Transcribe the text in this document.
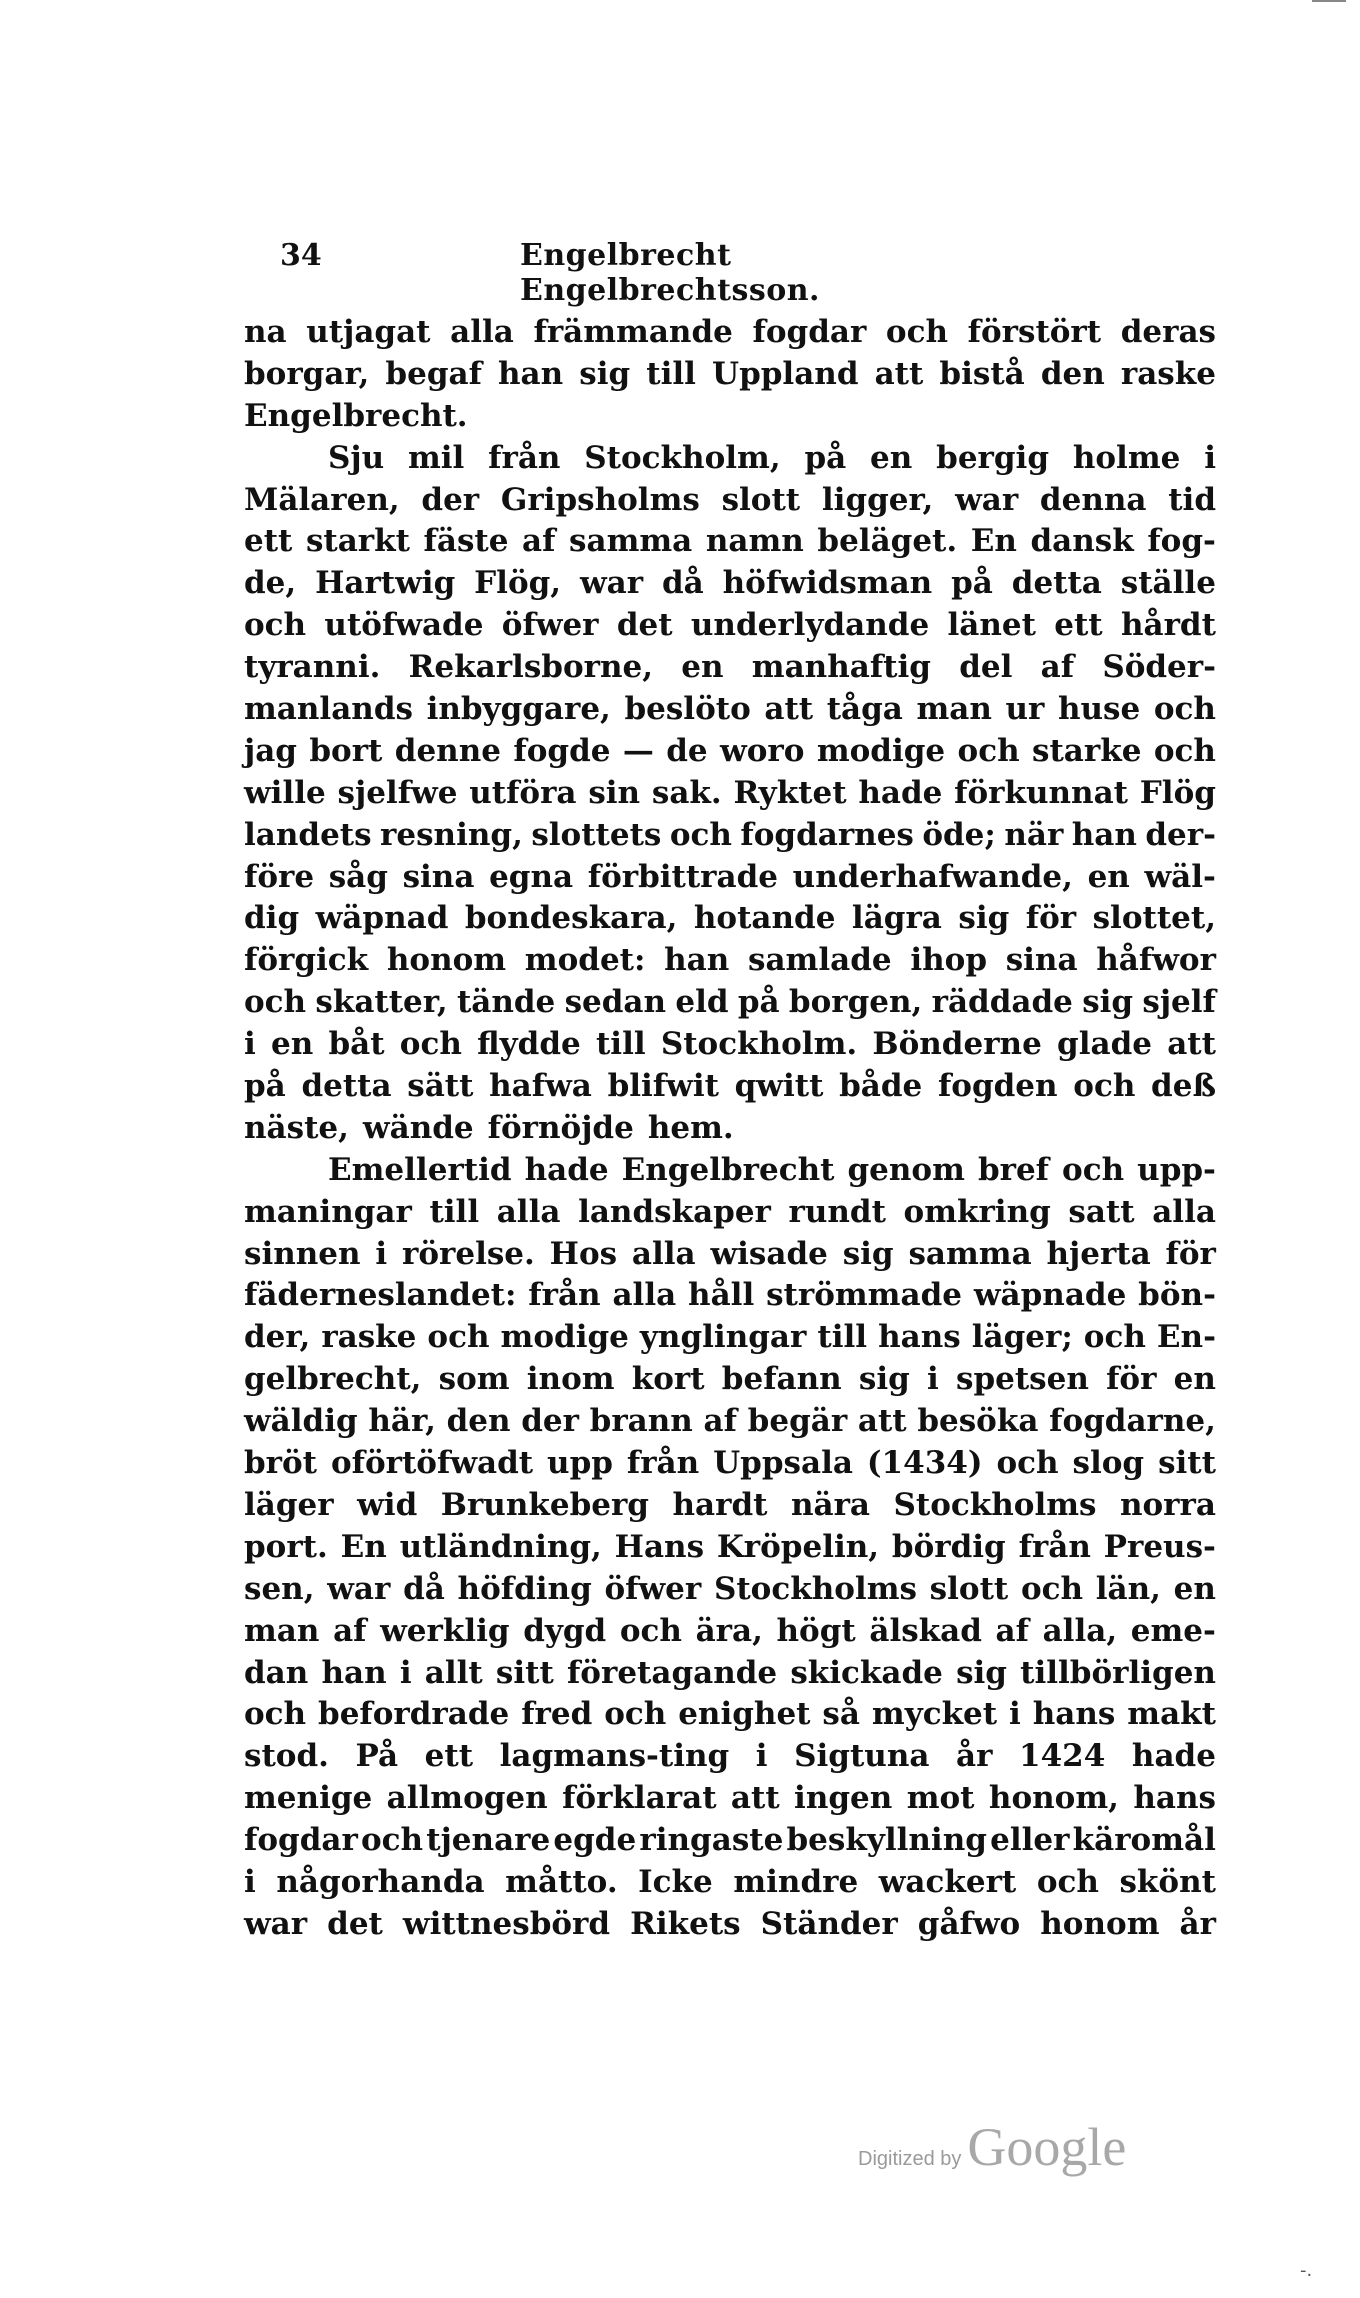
34	Engelbrecht Engelbrechtsson.
na utjagat alla främmande fogdar och förstört deras
borgar, begaf han sig till Uppland att bistå den raske
Engelbrecht.
Sju mil från Stockholm, på en bergig holme i
Mälaren, der Gripsholms slott ligger, war denna tid
ett starkt fäste af samma namn beläget. En dansk fog-
de, Hartwig Flög, war då höfwidsman på detta ställe
och utöfwade öfwer det underlydande länet ett hårdt
tyranni. Rekarlsborne, en manhaftig del af Söder-
manlands inbyggare, beslöto att tåga man ur huse och
jag bort denne fogde — de woro modige och starke och
wille sjelfwe utföra sin sak. Ryktet hade förkunnat Flög
landets resning, slottets och fogdarnes öde; när han der-
före såg sina egna förbittrade underhafwande, en wäl-
dig wäpnad bondeskara, hotande lägra sig för slottet,
förgick honom modet: han samlade ihop sina håfwor
och skatter, tände sedan eld på borgen, räddade sig sjelf
i en båt och flydde till Stockholm. Bönderne glade att
på detta sätt hafwa blifwit qwitt både fogden och deß
näste, wände förnöjde hem.
Emellertid hade Engelbrecht genom bref och upp-
maningar till alla landskaper rundt omkring satt alla
sinnen i rörelse. Hos alla wisade sig samma hjerta för
fäderneslandet: från alla håll strömmade wäpnade bön-
der, raske och modige ynglingar till hans läger; och En-
gelbrecht, som inom kort befann sig i spetsen för en
wäldig här, den der brann af begär att besöka fogdarne,
bröt oförtöfwadt upp från Uppsala (1434) och slog sitt
läger wid Brunkeberg hardt nära Stockholms norra
port. En utländning, Hans Kröpelin, bördig från Preus-
sen, war då höfding öfwer Stockholms slott och län, en
man af werklig dygd och ära, högt älskad af alla, eme-
dan han i allt sitt företagande skickade sig tillbörligen
och befordrade fred och enighet så mycket i hans makt
stod. På ett lagmans-ting i Sigtuna år 1424 hade
menige allmogen förklarat att ingen mot honom, hans
fogdar och tjenare egde ringaste beskyllning eller käromål
i någorhanda måtto. Icke mindre wackert och skönt
war det wittnesbörd Rikets Ständer gåfwo honom år
Digitized by Google
-.
